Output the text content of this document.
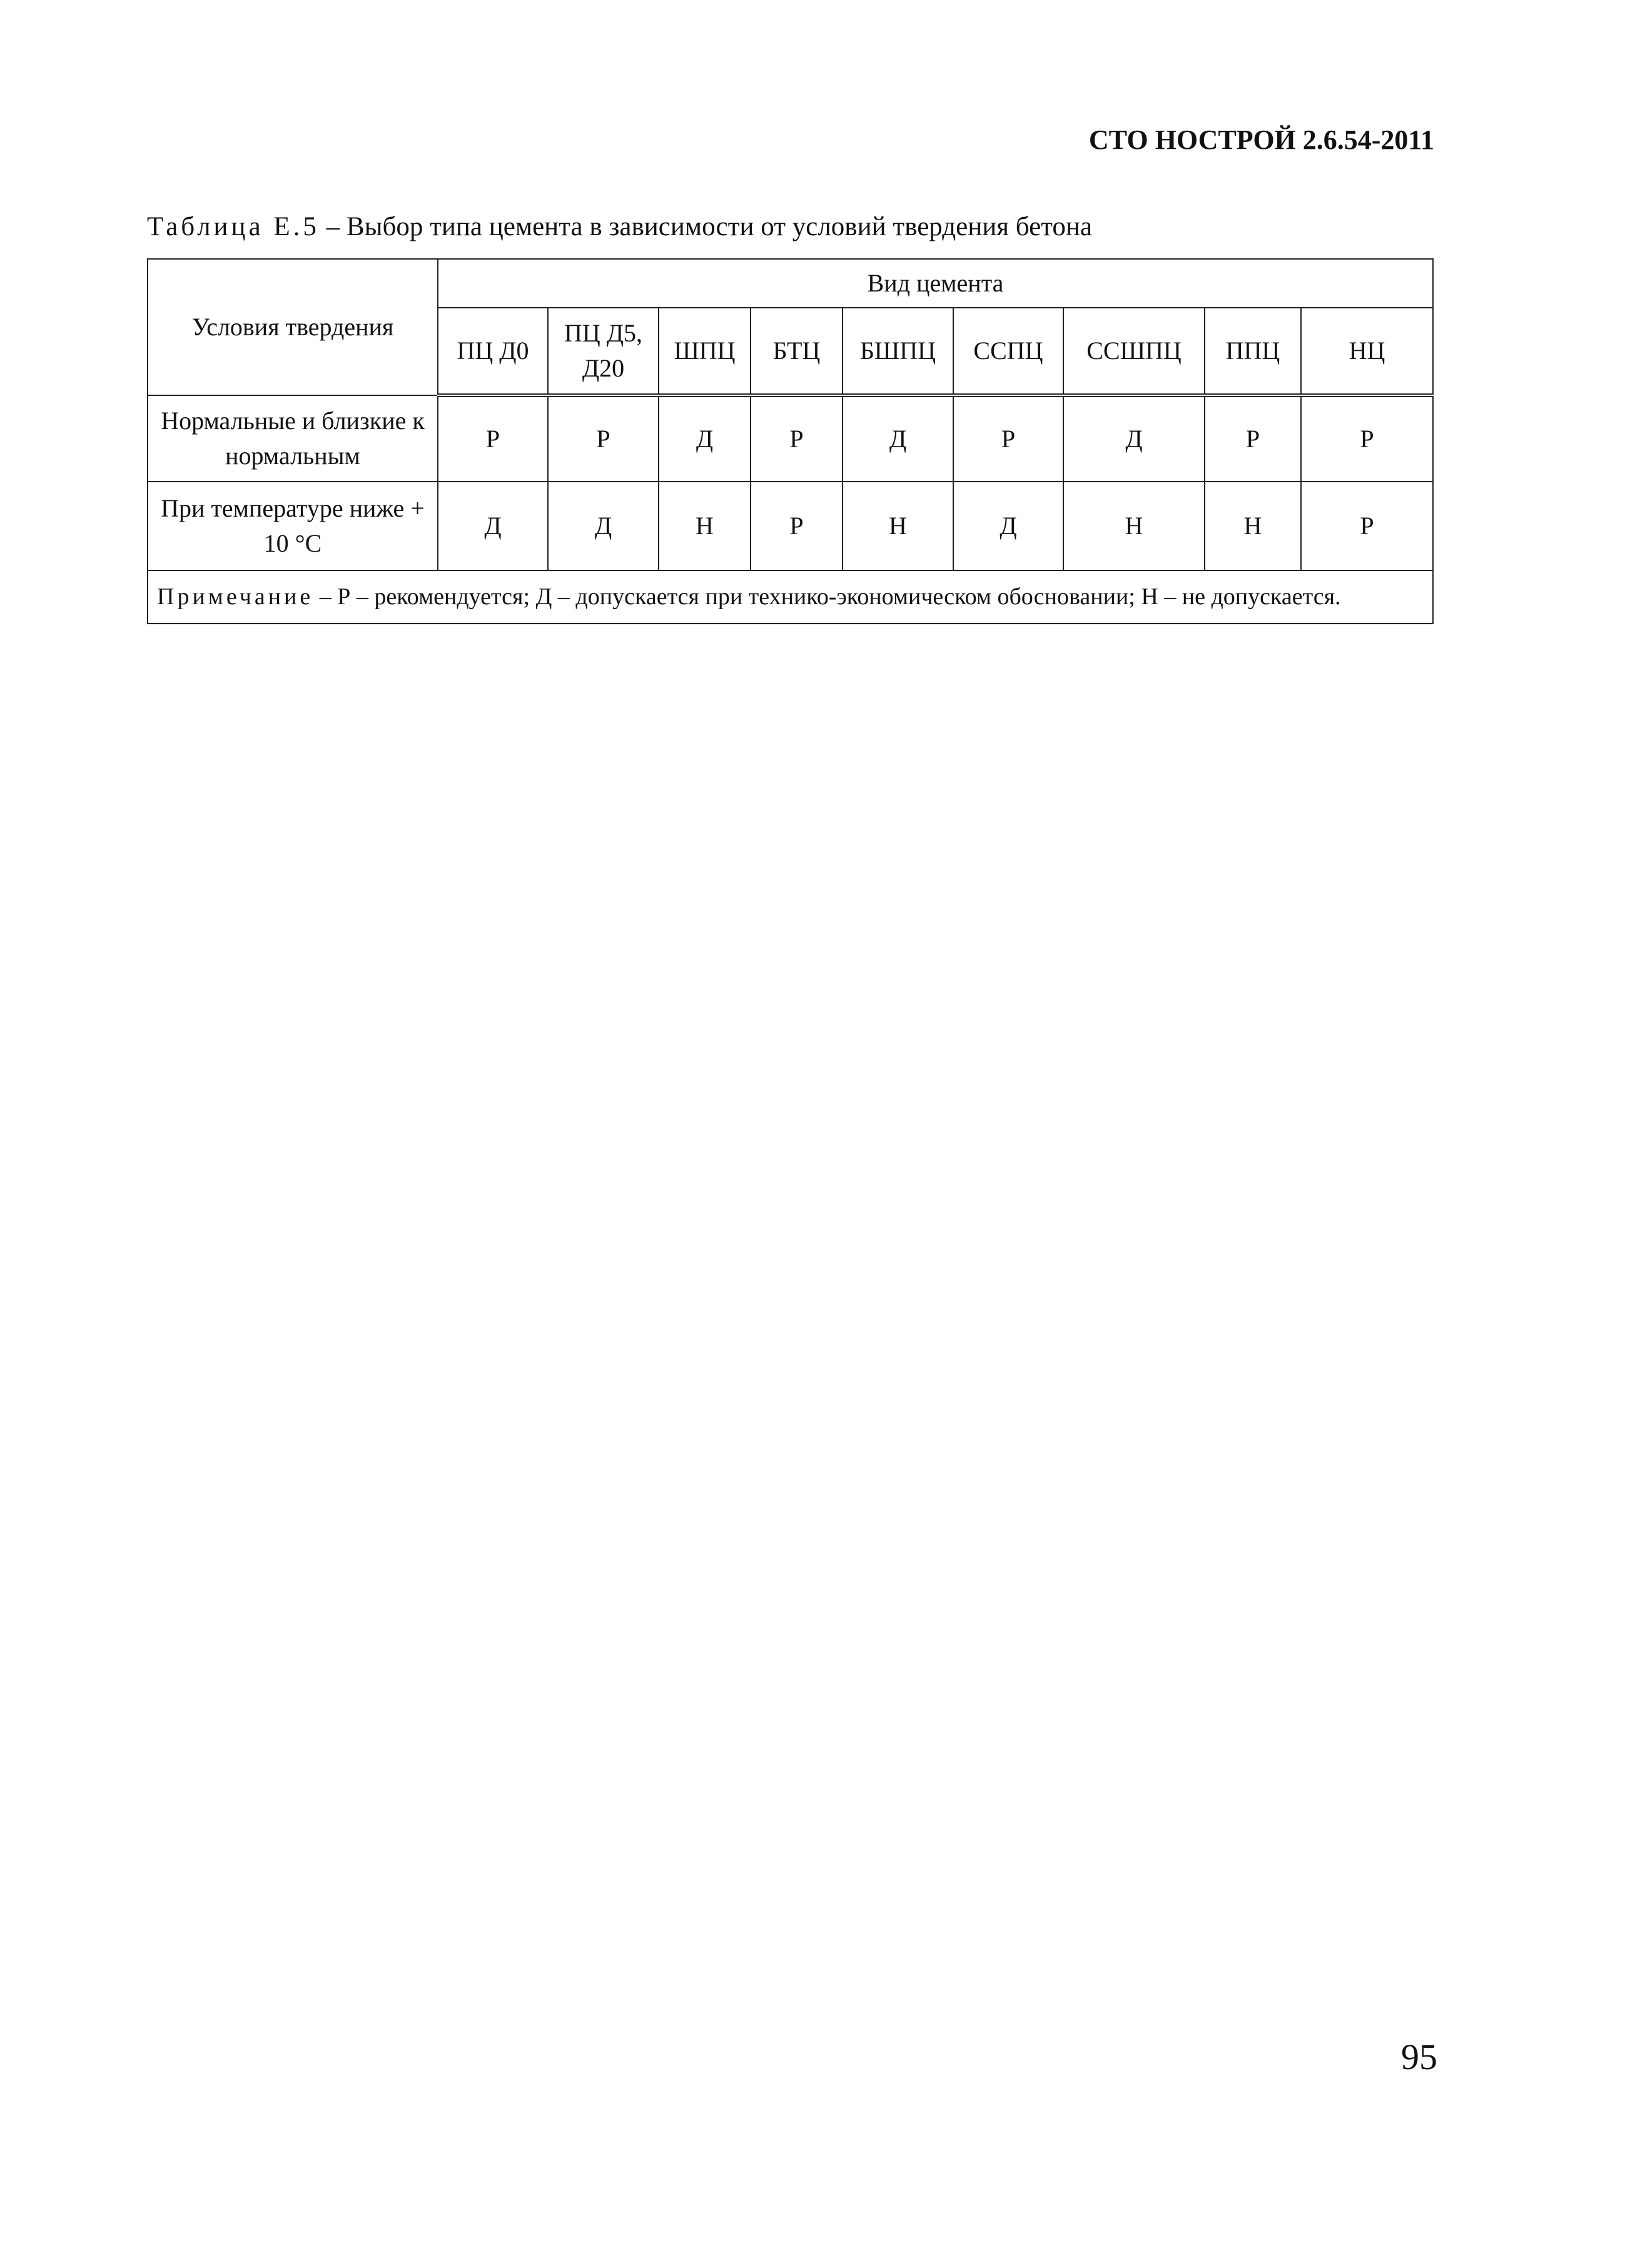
СТО НОСТРОЙ 2.6.54-2011
Таблица Е.5 – Выбор типа цемента в зависимости от условий твердения бетона
Условия твердения	Вид цемента								
	ПЦ Д0	ПЦ Д5, Д20	ШПЦ	БТЦ	БШПЦ	ССПЦ	ССШПЦ	ППЦ	НЦ
Нормальные и близкие к нормальным	Р	Р	Д	Р	Д	Р	Д	Р	Р
При температуре ниже + 10 °С	Д	Д	Н	Р	Н	Д	Н	Н	Р
Примечание – Р – рекомендуется; Д – допускается при технико-экономическом обосновании; Н – не допускается.									
95
